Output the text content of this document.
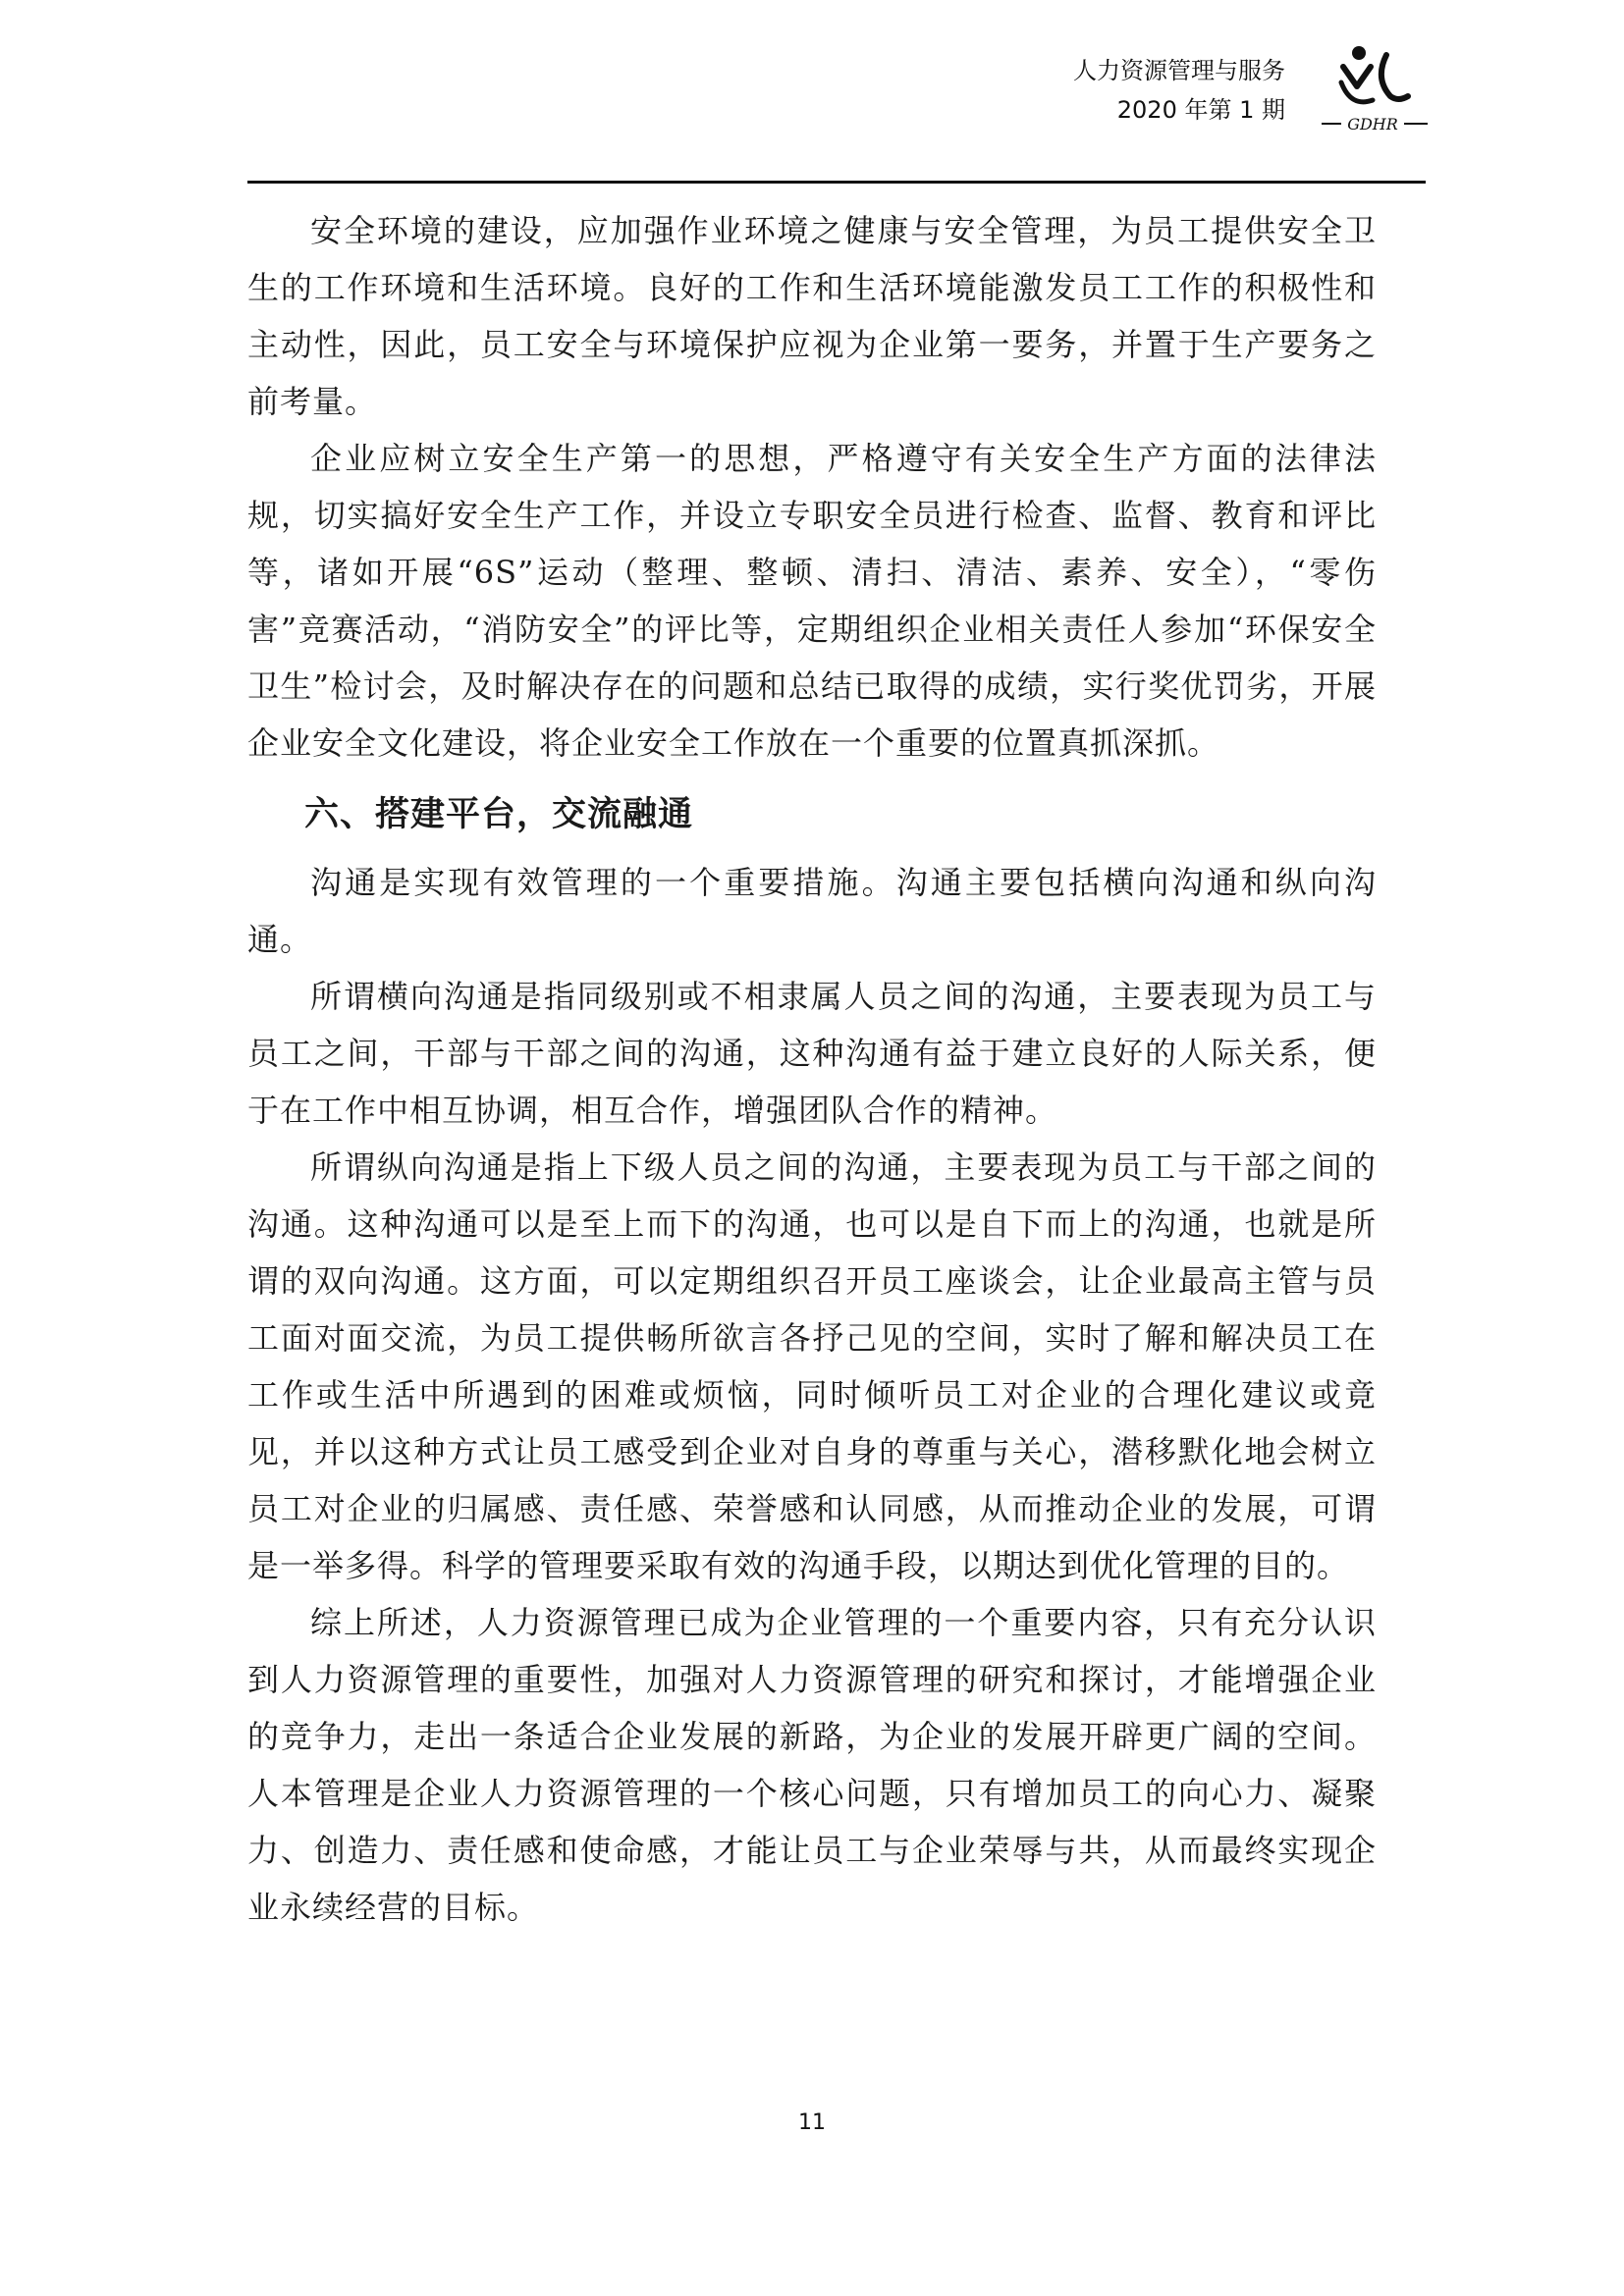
人力资源管理与服务
2020 年第 1 期
GDHR

安全环境的建设，应加强作业环境之健康与安全管理，为员工提供安全卫生的工作环境和生活环境。良好的工作和生活环境能激发员工工作的积极性和主动性，因此，员工安全与环境保护应视为企业第一要务，并置于生产要务之前考量。

企业应树立安全生产第一的思想，严格遵守有关安全生产方面的法律法规，切实搞好安全生产工作，并设立专职安全员进行检查、监督、教育和评比等，诸如开展“6S”运动（整理、整顿、清扫、清洁、素养、安全），“零伤害”竞赛活动，“消防安全”的评比等，定期组织企业相关责任人参加“环保安全卫生”检讨会，及时解决存在的问题和总结已取得的成绩，实行奖优罚劣，开展企业安全文化建设，将企业安全工作放在一个重要的位置真抓深抓。

六、搭建平台，交流融通

沟通是实现有效管理的一个重要措施。沟通主要包括横向沟通和纵向沟通。

所谓横向沟通是指同级别或不相隶属人员之间的沟通，主要表现为员工与员工之间，干部与干部之间的沟通，这种沟通有益于建立良好的人际关系，便于在工作中相互协调，相互合作，增强团队合作的精神。

所谓纵向沟通是指上下级人员之间的沟通，主要表现为员工与干部之间的沟通。这种沟通可以是至上而下的沟通，也可以是自下而上的沟通，也就是所谓的双向沟通。这方面，可以定期组织召开员工座谈会，让企业最高主管与员工面对面交流，为员工提供畅所欲言各抒己见的空间，实时了解和解决员工在工作或生活中所遇到的困难或烦恼，同时倾听员工对企业的合理化建议或竟见，并以这种方式让员工感受到企业对自身的尊重与关心，潜移默化地会树立员工对企业的归属感、责任感、荣誉感和认同感，从而推动企业的发展，可谓是一举多得。科学的管理要采取有效的沟通手段，以期达到优化管理的目的。

综上所述，人力资源管理已成为企业管理的一个重要内容，只有充分认识到人力资源管理的重要性，加强对人力资源管理的研究和探讨，才能增强企业的竞争力，走出一条适合企业发展的新路，为企业的发展开辟更广阔的空间。人本管理是企业人力资源管理的一个核心问题，只有增加员工的向心力、凝聚力、创造力、责任感和使命感，才能让员工与企业荣辱与共，从而最终实现企业永续经营的目标。

11
